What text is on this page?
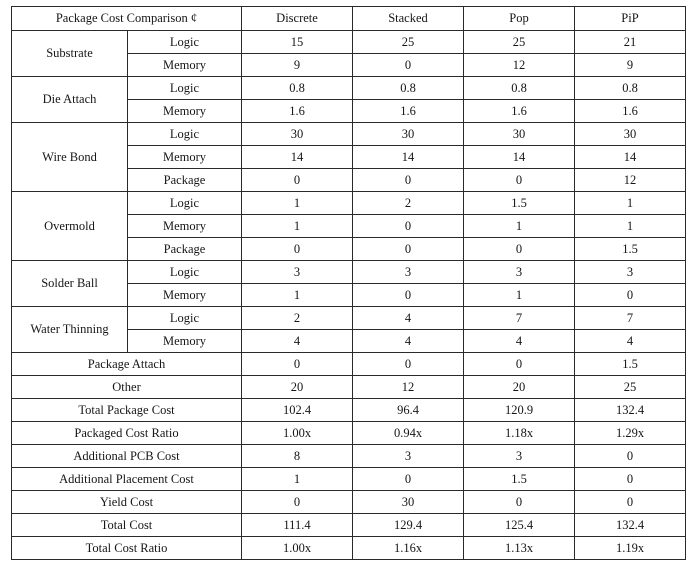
Package Cost Comparison ¢		Discrete	Stacked	Pop	PiP
Substrate	Logic	15	25	25	21
	Memory	9	0	12	9
Die Attach	Logic	0.8	0.8	0.8	0.8
	Memory	1.6	1.6	1.6	1.6
Wire Bond	Logic	30	30	30	30
	Memory	14	14	14	14
	Package	0	0	0	12
Overmold	Logic	1	2	1.5	1
	Memory	1	0	1	1
	Package	0	0	0	1.5
Solder Ball	Logic	3	3	3	3
	Memory	1	0	1	0
Water Thinning	Logic	2	4	7	7
	Memory	4	4	4	4
Package Attach		0	0	0	1.5
Other		20	12	20	25
Total Package Cost		102.4	96.4	120.9	132.4
Packaged Cost Ratio		1.00x	0.94x	1.18x	1.29x
Additional PCB Cost		8	3	3	0
Additional Placement Cost		1	0	1.5	0
Yield Cost		0	30	0	0
Total Cost		111.4	129.4	125.4	132.4
Total Cost Ratio		1.00x	1.16x	1.13x	1.19x
